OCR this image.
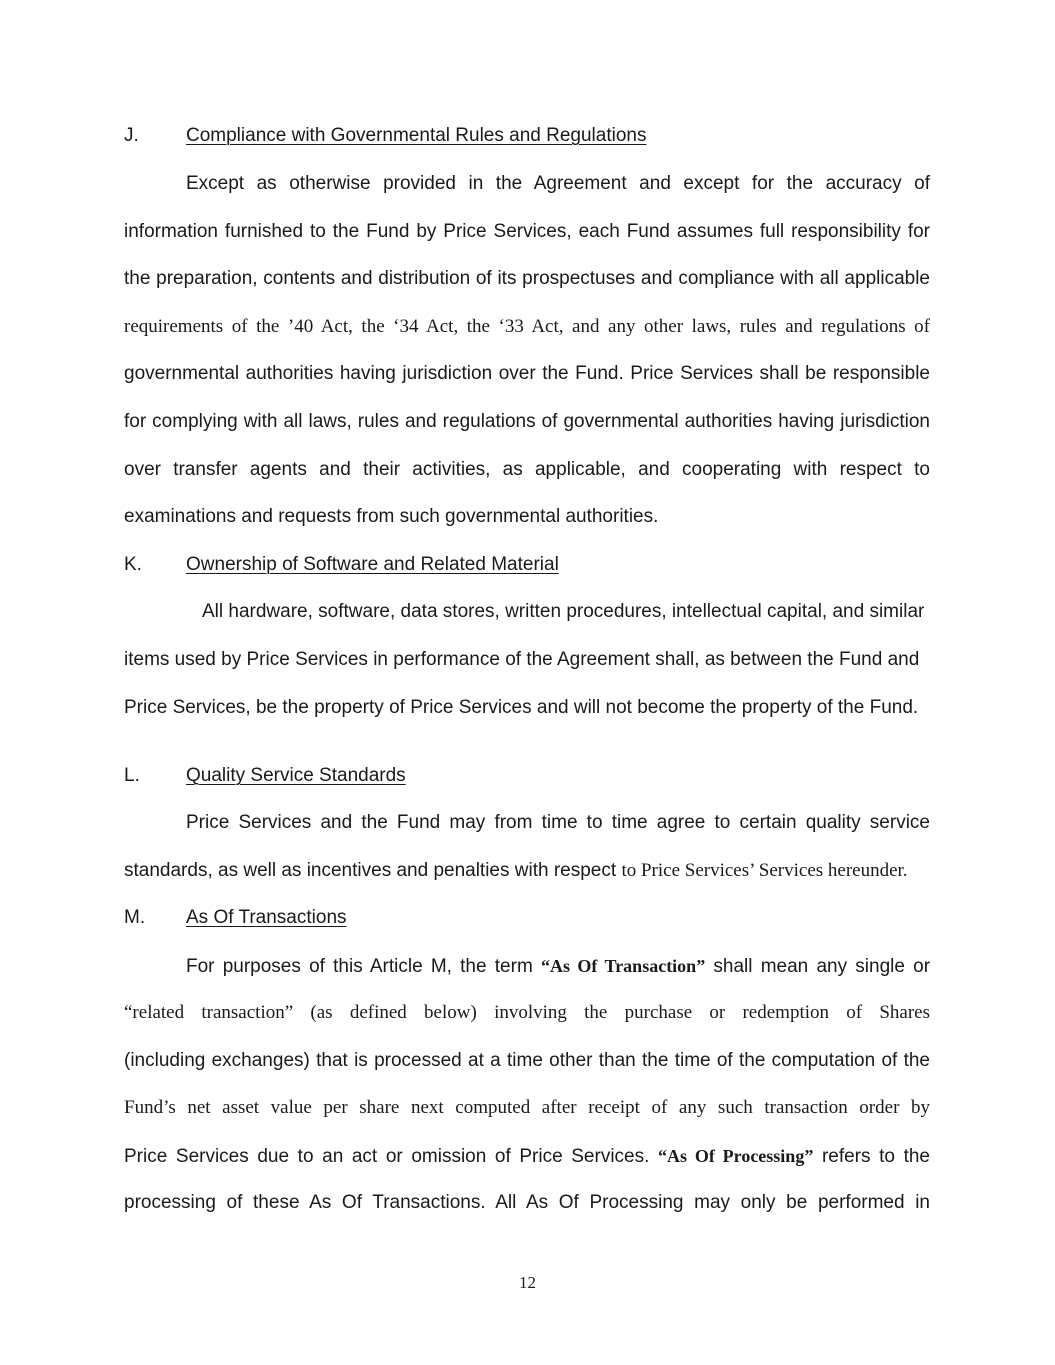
J. Compliance with Governmental Rules and Regulations
Except as otherwise provided in the Agreement and except for the accuracy of
information furnished to the Fund by Price Services, each Fund assumes full responsibility for
the preparation, contents and distribution of its prospectuses and compliance with all applicable
requirements of the ’40 Act, the ‘34 Act, the ‘33 Act, and any other laws, rules and regulations of
governmental authorities having jurisdiction over the Fund. Price Services shall be responsible
for complying with all laws, rules and regulations of governmental authorities having jurisdiction
over transfer agents and their activities, as applicable, and cooperating with respect to
examinations and requests from such governmental authorities.
K. Ownership of Software and Related Material
All hardware, software, data stores, written procedures, intellectual capital, and similar
items used by Price Services in performance of the Agreement shall, as between the Fund and
Price Services, be the property of Price Services and will not become the property of the Fund.
L. Quality Service Standards
Price Services and the Fund may from time to time agree to certain quality service
standards, as well as incentives and penalties with respect to Price Services’ Services hereunder.
M. As Of Transactions
For purposes of this Article M, the term “As Of Transaction” shall mean any single or
“related transaction” (as defined below) involving the purchase or redemption of Shares
(including exchanges) that is processed at a time other than the time of the computation of the
Fund’s net asset value per share next computed after receipt of any such transaction order by
Price Services due to an act or omission of Price Services. “As Of Processing” refers to the
processing of these As Of Transactions. All As Of Processing may only be performed in
12
